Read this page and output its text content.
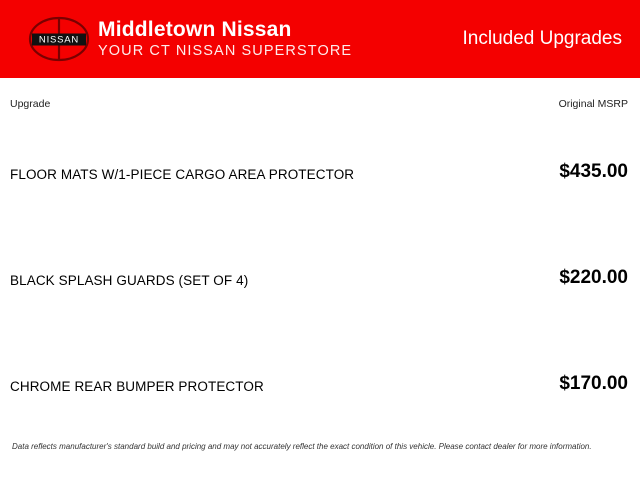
NISSAN Middletown Nissan
YOUR CT NISSAN SUPERSTORE
Included Upgrades
Upgrade	Original MSRP
FLOOR MATS W/1-PIECE CARGO AREA PROTECTOR	$435.00
BLACK SPLASH GUARDS (SET OF 4)	$220.00
CHROME REAR BUMPER PROTECTOR	$170.00
Data reflects manufacturer's standard build and pricing and may not accurately reflect the exact condition of this vehicle. Please contact dealer for more information.
